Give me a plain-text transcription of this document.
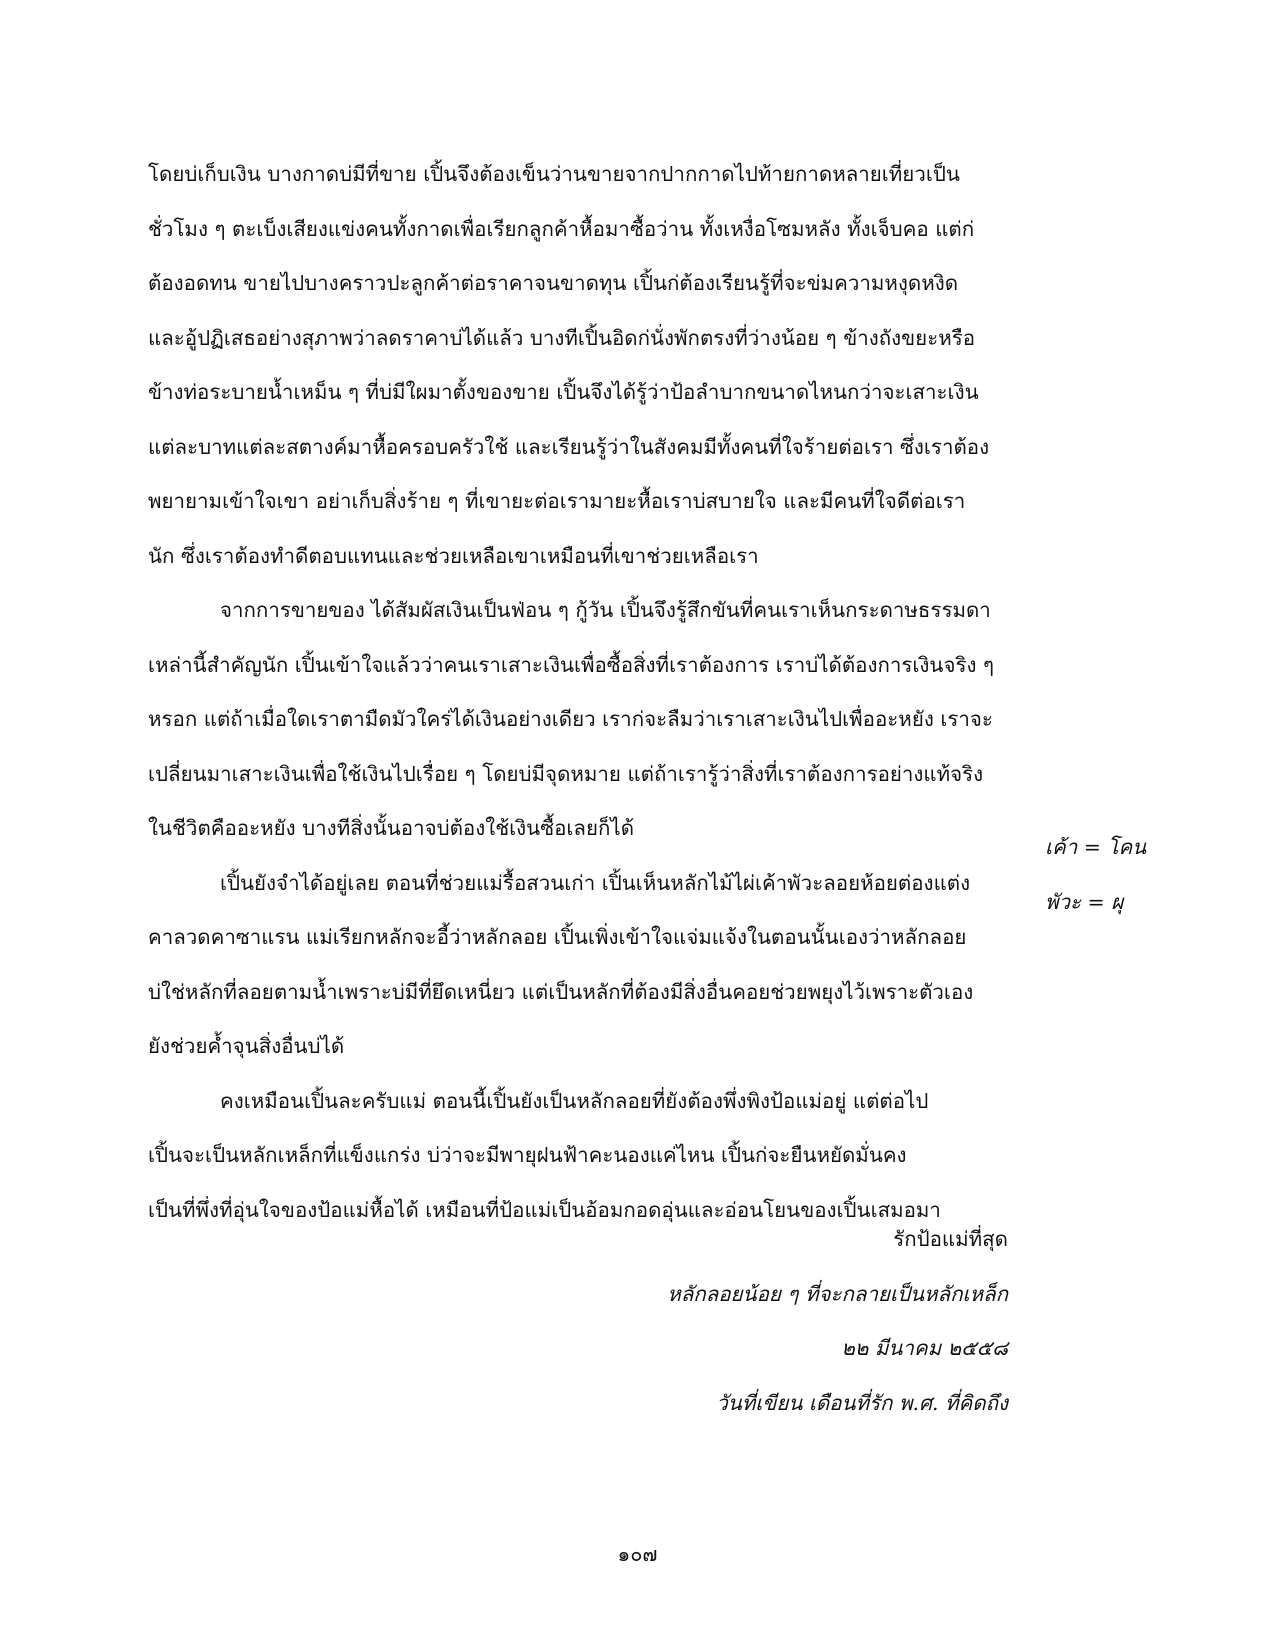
โดยบ่เก็บเงิน บางกาดบ่มีที่ขาย เปิ้นจึงต้องเข็นว่านขายจากปากกาดไปท้ายกาดหลายเที่ยวเป็น
ชั่วโมง ๆ ตะเบ็งเสียงแข่งคนทั้งกาดเพื่อเรียกลูกค้าหื้อมาซื้อว่าน ทั้งเหงื่อโซมหลัง ทั้งเจ็บคอ แต่ก่
ต้องอดทน ขายไปบางคราวปะลูกค้าต่อราคาจนขาดทุน เปิ้นก่ต้องเรียนรู้ที่จะข่มความหงุดหงิด
และอู้ปฏิเสธอย่างสุภาพว่าลดราคาบ่ได้แล้ว บางทีเปิ้นอิดก่นั่งพักตรงที่ว่างน้อย ๆ ข้างถังขยะหรือ
ข้างท่อระบายน้ำเหม็น ๆ ที่บ่มีใผมาตั้งของขาย เปิ้นจึงได้รู้ว่าป้อลำบากขนาดไหนกว่าจะเสาะเงิน
แต่ละบาทแต่ละสตางค์มาหื้อครอบครัวใช้ และเรียนรู้ว่าในสังคมมีทั้งคนที่ใจร้ายต่อเรา ซึ่งเราต้อง
พยายามเข้าใจเขา อย่าเก็บสิ่งร้าย ๆ ที่เขายะต่อเรามายะหื้อเราบ่สบายใจ และมีคนที่ใจดีต่อเรา
นัก ซึ่งเราต้องทำดีตอบแทนและช่วยเหลือเขาเหมือนที่เขาช่วยเหลือเรา
จากการขายของ ได้สัมผัสเงินเป็นฟ่อน ๆ กู้วัน เปิ้นจึงรู้สึกขันที่คนเราเห็นกระดาษธรรมดา
เหล่านี้สำคัญนัก เปิ้นเข้าใจแล้วว่าคนเราเสาะเงินเพื่อซื้อสิ่งที่เราต้องการ เราบ่ได้ต้องการเงินจริง ๆ
หรอก แต่ถ้าเมื่อใดเราตามืดมัวใคร่ได้เงินอย่างเดียว เราก่จะลืมว่าเราเสาะเงินไปเพื่ออะหยัง เราจะ
เปลี่ยนมาเสาะเงินเพื่อใช้เงินไปเรื่อย ๆ โดยบ่มีจุดหมาย แต่ถ้าเรารู้ว่าสิ่งที่เราต้องการอย่างแท้จริง
ในชีวิตคืออะหยัง บางทีสิ่งนั้นอาจบ่ต้องใช้เงินซื้อเลยก็ได้
เปิ้นยังจำได้อยู่เลย ตอนที่ช่วยแม่รื้อสวนเก่า เปิ้นเห็นหลักไม้ไผ่เค้าพัวะลอยห้อยต่องแต่ง
คาลวดคาซาแรน แม่เรียกหลักจะอี้ว่าหลักลอย เปิ้นเพิ่งเข้าใจแจ่มแจ้งในตอนนั้นเองว่าหลักลอย
บ่ใช่หลักที่ลอยตามน้ำเพราะบ่มีที่ยึดเหนี่ยว แต่เป็นหลักที่ต้องมีสิ่งอื่นคอยช่วยพยุงไว้เพราะตัวเอง
ยังช่วยค้ำจุนสิ่งอื่นบ่ได้
คงเหมือนเปิ้นละครับแม่ ตอนนี้เปิ้นยังเป็นหลักลอยที่ยังต้องพึ่งพิงป้อแม่อยู่ แต่ต่อไป
เปิ้นจะเป็นหลักเหล็กที่แข็งแกร่ง บ่ว่าจะมีพายุฝนฟ้าคะนองแค่ไหน เปิ้นก่จะยืนหยัดมั่นคง
เป็นที่พึ่งที่อุ่นใจของป้อแม่หื้อได้ เหมือนที่ป้อแม่เป็นอ้อมกอดอุ่นและอ่อนโยนของเปิ้นเสมอมา
เค้า = โคน
พัวะ = ผุ
รักป้อแม่ที่สุด
หลักลอยน้อย ๆ ที่จะกลายเป็นหลักเหล็ก
๒๒ มีนาคม ๒๕๕๘
วันที่เขียน เดือนที่รัก พ.ศ. ที่คิดถึง
๑๐๗
